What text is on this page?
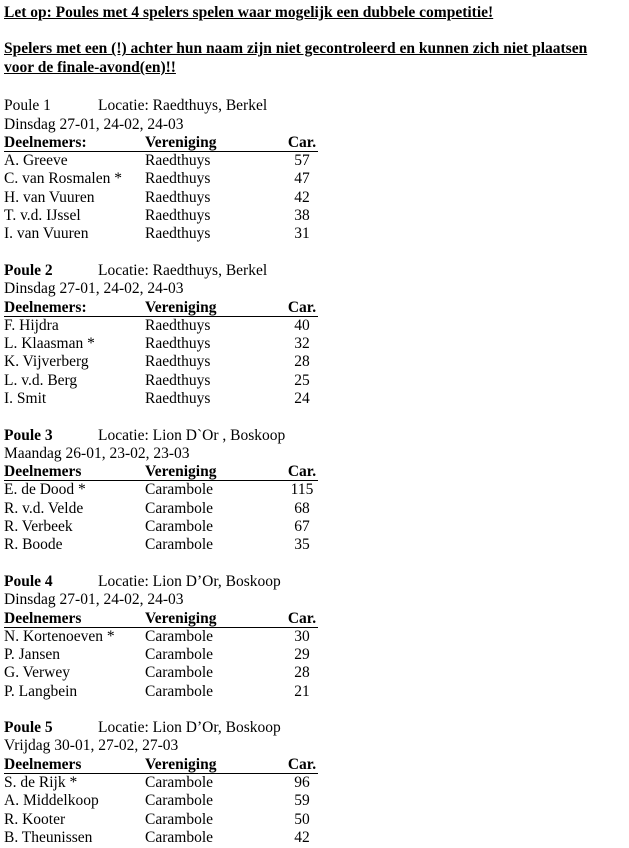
Let op: Poules met 4 spelers spelen waar mogelijk een dubbele competitie!

Spelers met een (!) achter hun naam zijn niet gecontroleerd en kunnen zich niet plaatsen voor de finale-avond(en)!!

Poule 1	Locatie: Raedthuys, Berkel
Dinsdag 27-01, 24-02, 24-03
Deelnemers:	Vereniging	Car.
A. Greeve	Raedthuys	57
C. van Rosmalen *	Raedthuys	47
H. van Vuuren	Raedthuys	42
T. v.d. IJssel	Raedthuys	38
I. van Vuuren	Raedthuys	31
Poule 2	Locatie: Raedthuys, Berkel
Dinsdag 27-01, 24-02, 24-03
Deelnemers:	Vereniging	Car.
F. Hijdra	Raedthuys	40
L. Klaasman *	Raedthuys	32
K. Vijverberg	Raedthuys	28
L. v.d. Berg	Raedthuys	25
I. Smit	Raedthuys	24
Poule 3	Locatie: Lion D`Or , Boskoop
Maandag 26-01, 23-02, 23-03
Deelnemers	Vereniging	Car.
E. de Dood *	Carambole	115
R. v.d. Velde	Carambole	68
R. Verbeek	Carambole	67
R. Boode	Carambole	35
Poule 4	Locatie: Lion D’Or, Boskoop
Dinsdag 27-01, 24-02, 24-03
Deelnemers	Vereniging	Car.
N. Kortenoeven *	Carambole	30
P. Jansen	Carambole	29
G. Verwey	Carambole	28
P. Langbein	Carambole	21
Poule 5	Locatie: Lion D’Or, Boskoop
Vrijdag 30-01, 27-02, 27-03
Deelnemers	Vereniging	Car.
S. de Rijk *	Carambole	96
A. Middelkoop	Carambole	59
R. Kooter	Carambole	50
B. Theunissen	Carambole	42
